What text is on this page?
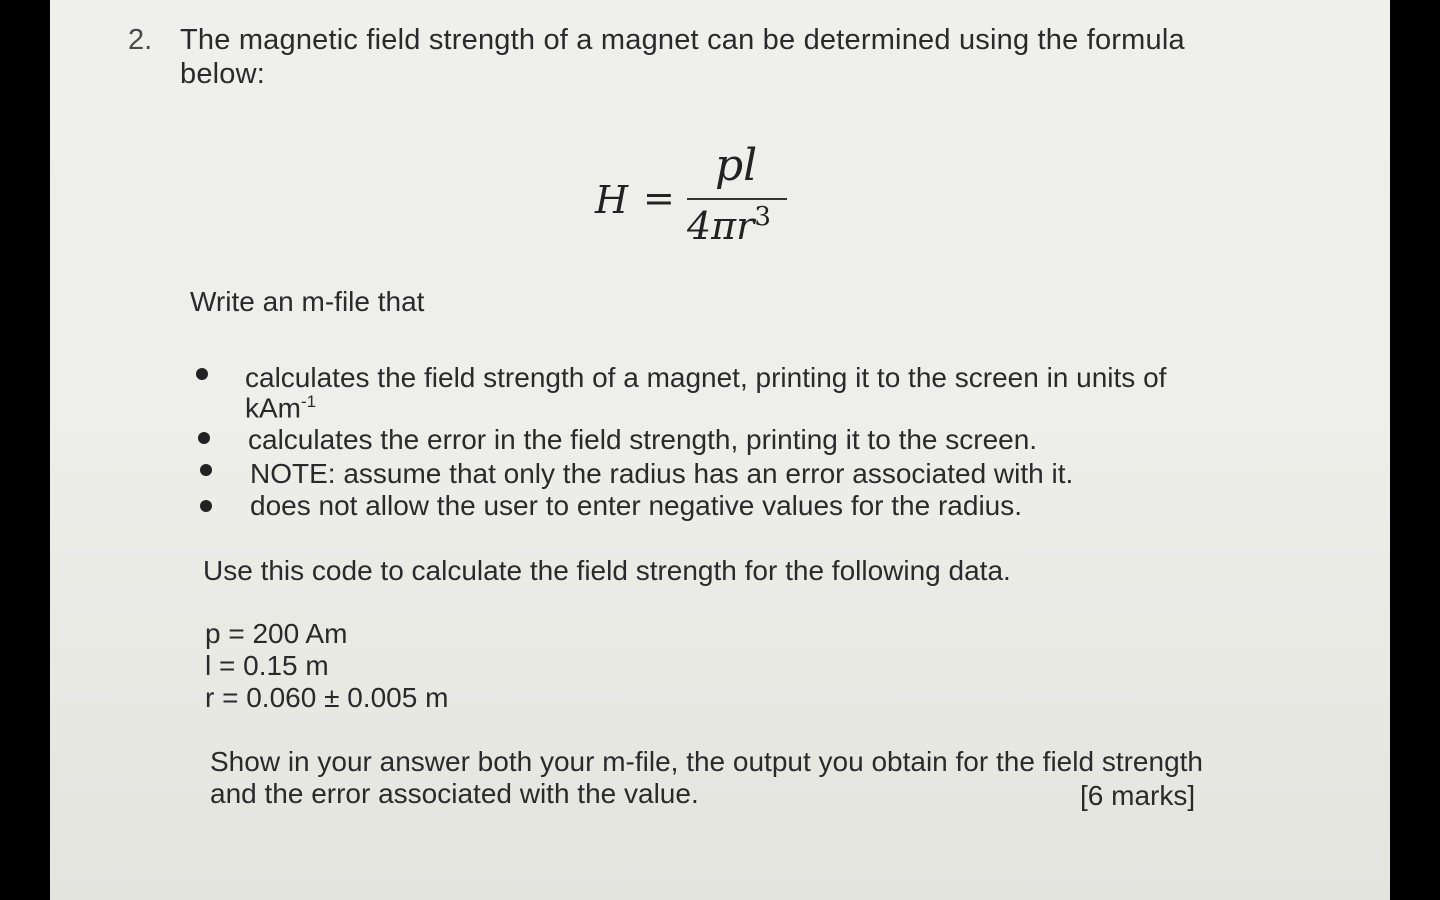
2. The magnetic field strength of a magnet can be determined using the formula
below:
H =
pl
$4\pi r^3$
Write an m-file that
calculates the field strength of a magnet, printing it to the screen in units of
kAm$^{-1}$
calculates the error in the field strength, printing it to the screen.
NOTE: assume that only the radius has an error associated with it.
does not allow the user to enter negative values for the radius.
Use this code to calculate the field strength for the following data.
p = 200 Am
l = 0.15 m
r = 0.060 ± 0.005 m
Show in your answer both your m-file, the output you obtain for the field strength
and the error associated with the value.	[6 marks]
